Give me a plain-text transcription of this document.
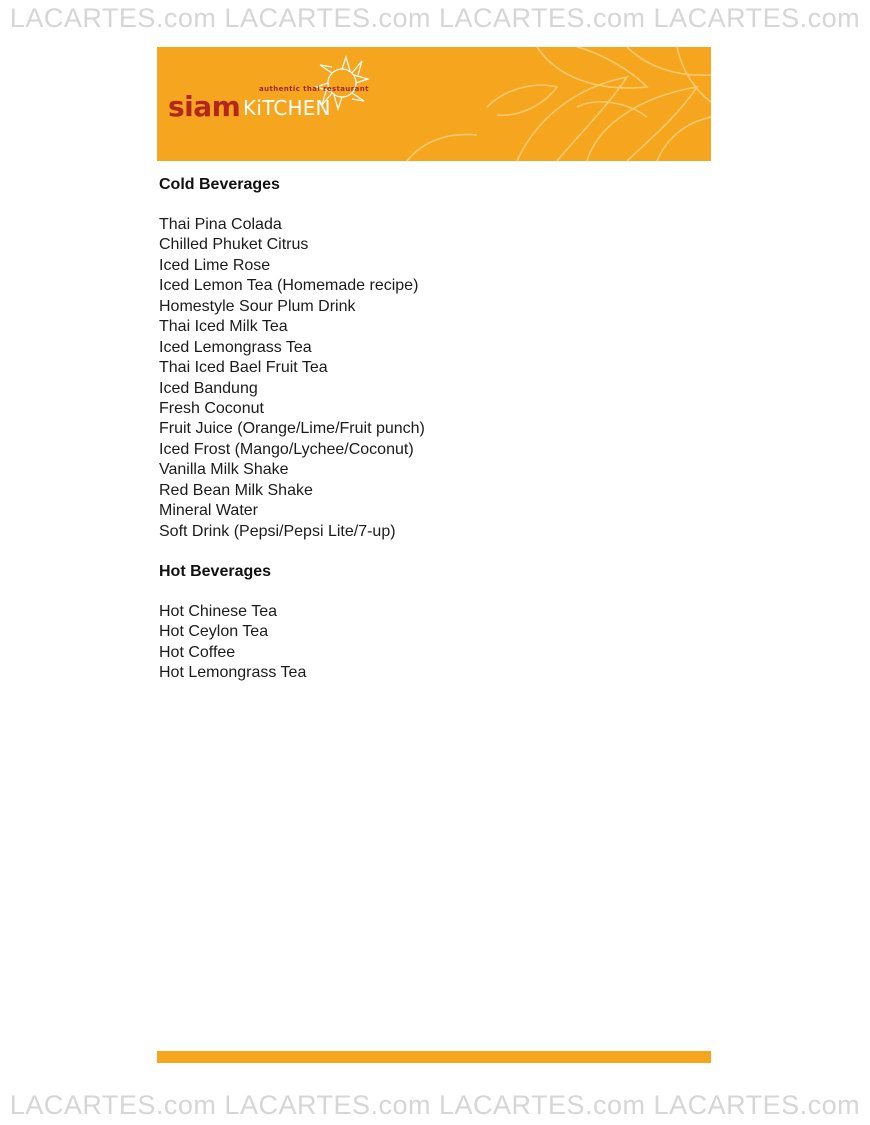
LACARTES.com LACARTES.com LACARTES.com LACARTES.com
authentic thai restaurant
siam KiTCHEN
Cold Beverages
Thai Pina Colada
Chilled Phuket Citrus
Iced Lime Rose
Iced Lemon Tea (Homemade recipe)
Homestyle Sour Plum Drink
Thai Iced Milk Tea
Iced Lemongrass Tea
Thai Iced Bael Fruit Tea
Iced Bandung
Fresh Coconut
Fruit Juice (Orange/Lime/Fruit punch)
Iced Frost (Mango/Lychee/Coconut)
Vanilla Milk Shake
Red Bean Milk Shake
Mineral Water
Soft Drink (Pepsi/Pepsi Lite/7-up)
Hot Beverages
Hot Chinese Tea
Hot Ceylon Tea
Hot Coffee
Hot Lemongrass Tea
LACARTES.com LACARTES.com LACARTES.com LACARTES.com
